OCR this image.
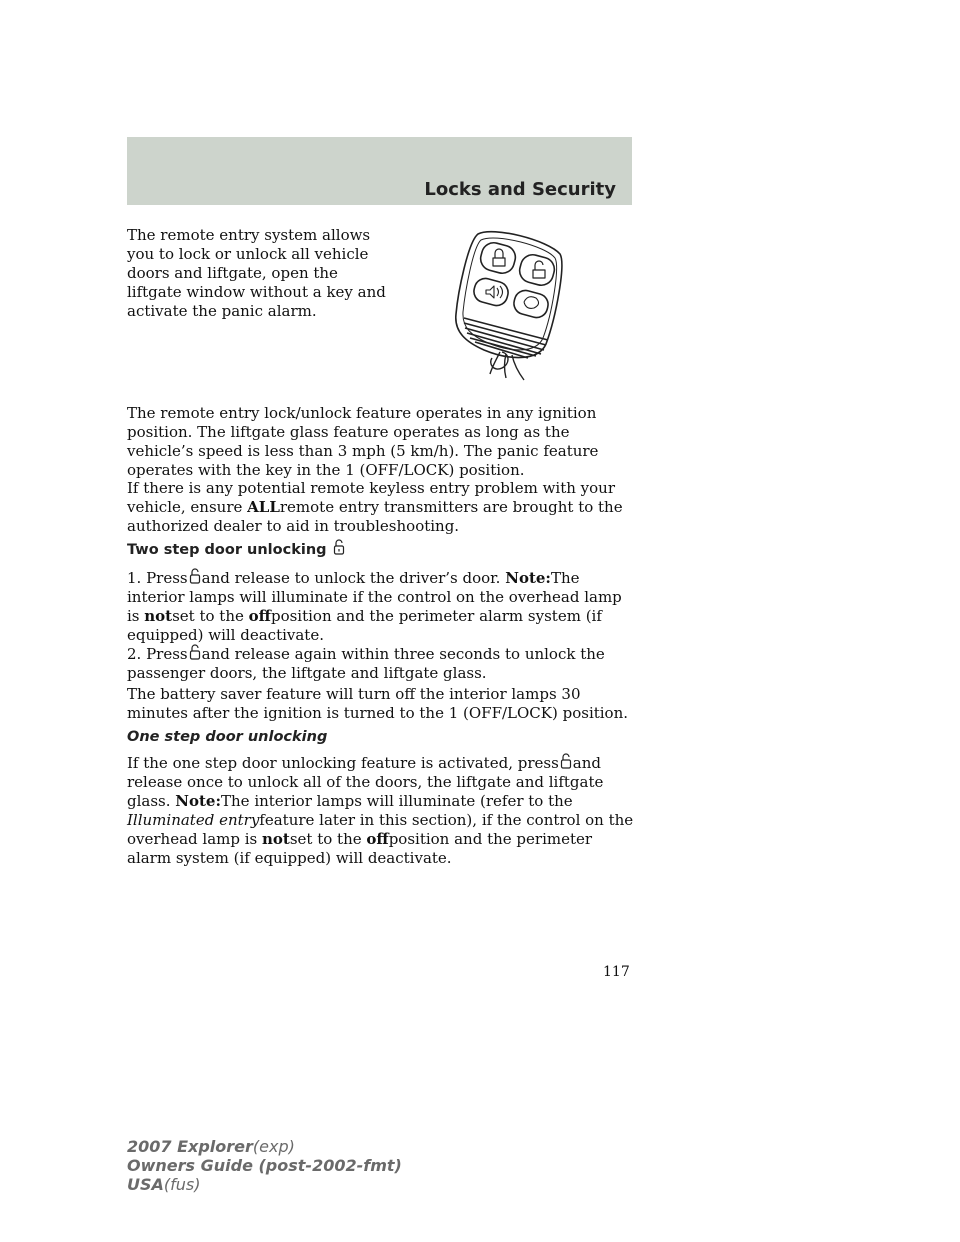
Locks and Security

The remote entry system allows you to lock or unlock all vehicle doors and liftgate, open the liftgate window without a key and activate the panic alarm.

The remote entry lock/unlock feature operates in any ignition position. The liftgate glass feature operates as long as the vehicle’s speed is less than 3 mph (5 km/h). The panic feature operates with the key in the 1 (OFF/LOCK) position.

If there is any potential remote keyless entry problem with your vehicle, ensure ALLremote entry transmitters are brought to the authorized dealer to aid in troubleshooting.

Two step door unlocking

1. Press and release to unlock the driver’s door. Note:The interior lamps will illuminate if the control on the overhead lamp is notset to the offposition and the perimeter alarm system (if equipped) will deactivate.

2. Press and release again within three seconds to unlock the passenger doors, the liftgate and liftgate glass.

The battery saver feature will turn off the interior lamps 30 minutes after the ignition is turned to the 1 (OFF/LOCK) position.

One step door unlocking

If the one step door unlocking feature is activated, press and release once to unlock all of the doors, the liftgate and liftgate glass. Note:The interior lamps will illuminate (refer to the Illuminated entryfeature later in this section), if the control on the overhead lamp is notset to the offposition and the perimeter alarm system (if equipped) will deactivate.

117
2007 Explorer(exp)
Owners Guide (post-2002-fmt)
USA(fus)
